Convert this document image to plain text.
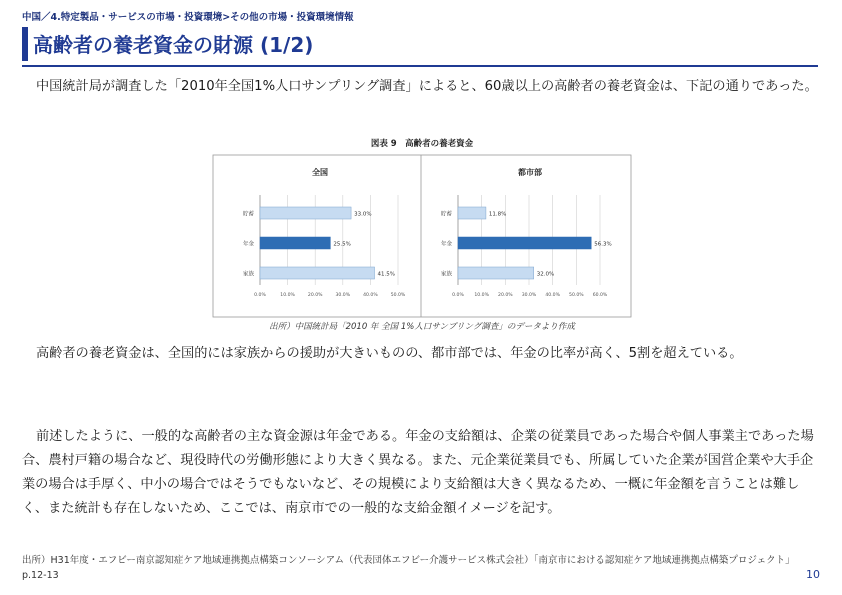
中国／4.特定製品・サービスの市場・投資環境>その他の市場・投資環境情報
高齢者の養老資金の財源 (1/2)
中国統計局が調査した「2010年全国1%人口サンプリング調査」によると、60歳以上の高齢者の養老資金は、下記の通りであった。
図表 9　高齢者の養老資金
全国
0.0%	10.0%	20.0%	30.0%	40.0%	50.0%
貯蓄	33.0%
年金	25.5%
家族	41.5%
都市部
0.0% 10.0% 20.0% 30.0% 40.0% 50.0% 60.0%
貯蓄	11.8%
年金	56.3%
家族	32.0%
出所）中国統計局「2010 年 全国 1%人口サンプリング調査」のデータより作成
高齢者の養老資金は、全国的には家族からの援助が大きいものの、都市部では、年金の比率が高く、5割を超えている。
前述したように、一般的な高齢者の主な資金源は年金である。年金の支給額は、企業の従業員であった場合や個人事業主であった場合、農村戸籍の場合など、現役時代の労働形態により大きく異なる。また、元企業従業員でも、所属していた企業が国営企業や大手企業の場合は手厚く、中小の場合ではそうでもないなど、その規模により支給額は大きく異なるため、一概に年金額を言うことは難しく、また統計も存在しないため、ここでは、南京市での一般的な支給金額イメージを記す。
出所）H31年度・エフビー南京認知症ケア地域連携拠点構築コンソーシアム（代表団体エフビー介護サービス株式会社）「南京市における認知症ケア地域連携拠点構築プロジェクト」p.12-13	10
